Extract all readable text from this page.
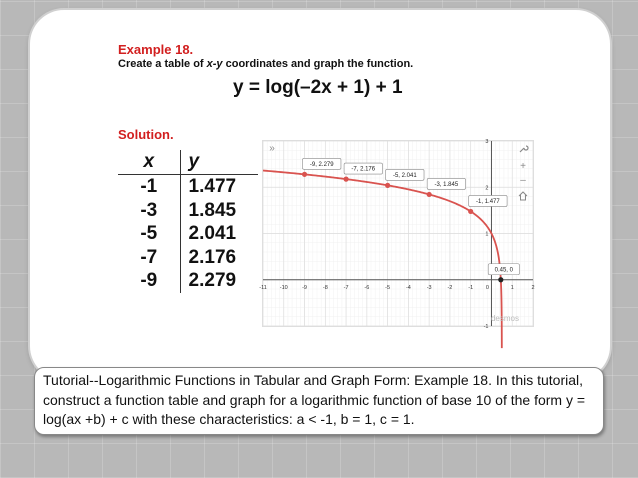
Example 18.
Create a table of x-y coordinates and graph the function.
y = log(–2x + 1) + 1
Solution.
x	y
-1	1.477
-3	1.845
-5	2.041
-7	2.176
-9	2.279	-11 -10	-9	-8	-7	-6	-5	-4	-3	-2	-1 0	1	2
3
2
1
-1
-9, 2.279
-7, 2.176
-5, 2.041
-3, 1.845
-1, 1.477
0.45, 0
»
+
–
desmos
Tutorial--Logarithmic Functions in Tabular and Graph Form: Example 18. In this tutorial, construct a function table and graph for a logarithmic function of base 10 of the form y = log(ax +b) + c with these characteristics: a < -1, b = 1, c = 1.
